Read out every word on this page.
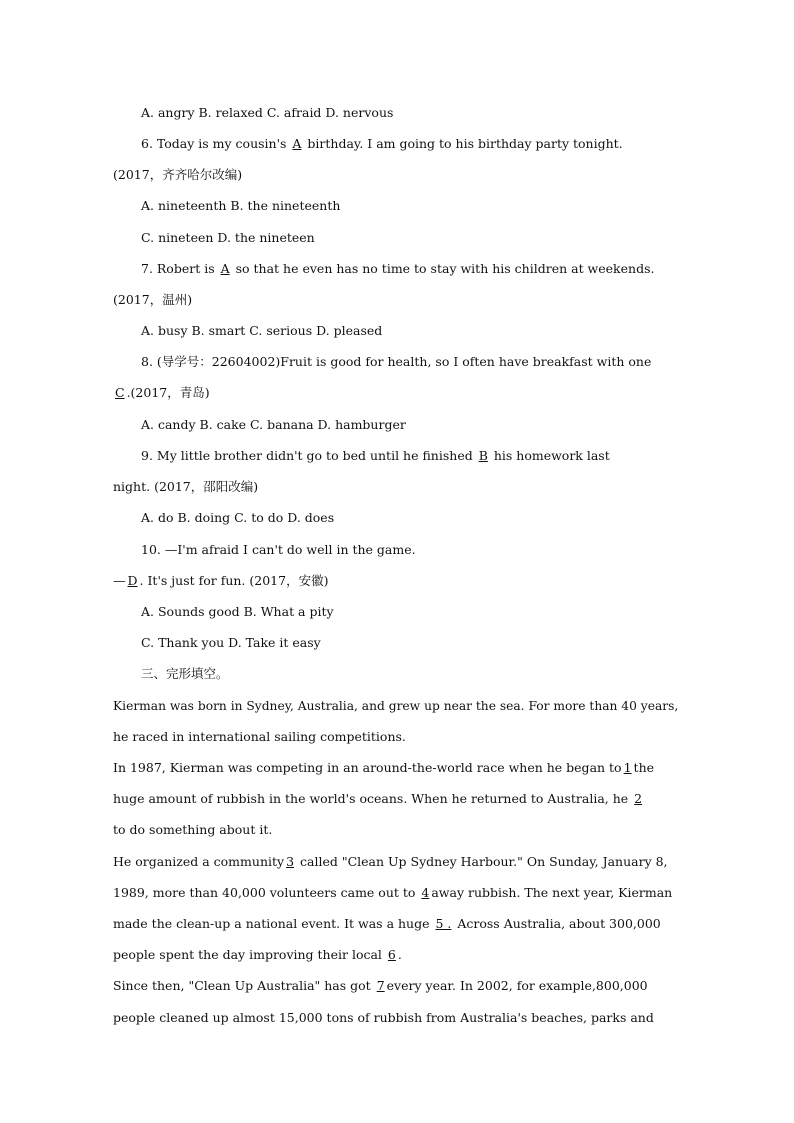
A. angry B. relaxed C. afraid D. nervous
6. Today is my cousin's A birthday. I am going to his birthday party tonight.
(2017，齐齐哈尔改编)
A. nineteenth B. the nineteenth
C. nineteen D. the nineteen
7. Robert is A so that he even has no time to stay with his children at weekends.
(2017，温州)
A. busy B. smart C. serious D. pleased
8. (导学号：22604002)Fruit is good for health, so I often have breakfast with one
C .(2017，青岛)
A. candy B. cake C. banana D. hamburger
9. My little brother didn't go to bed until he finished B his homework last
night. (2017，邵阳改编)
A. do B. doing C. to do D. does
10. —I'm afraid I can't do well in the game.
— D . It's just for fun. (2017，安徽)
A. Sounds good B. What a pity
C. Thank you D. Take it easy
三、完形填空。
Kierman was born in Sydney, Australia, and grew up near the sea. For more than 40 years,
he raced in international sailing competitions.
In 1987, Kierman was competing in an around-the-world race when he began to 1 the
huge amount of rubbish in the world's oceans. When he returned to Australia, he 2
to do something about it.
He organized a community 3 called "Clean Up Sydney Harbour." On Sunday, January 8,
1989, more than 40,000 volunteers came out to 4 away rubbish. The next year, Kierman
made the clean-up a national event. It was a huge 5 . Across Australia, about 300,000
people spent the day improving their local 6 .
Since then, "Clean Up Australia" has got 7 every year. In 2002, for example,800,000
people cleaned up almost 15,000 tons of rubbish from Australia's beaches, parks and
